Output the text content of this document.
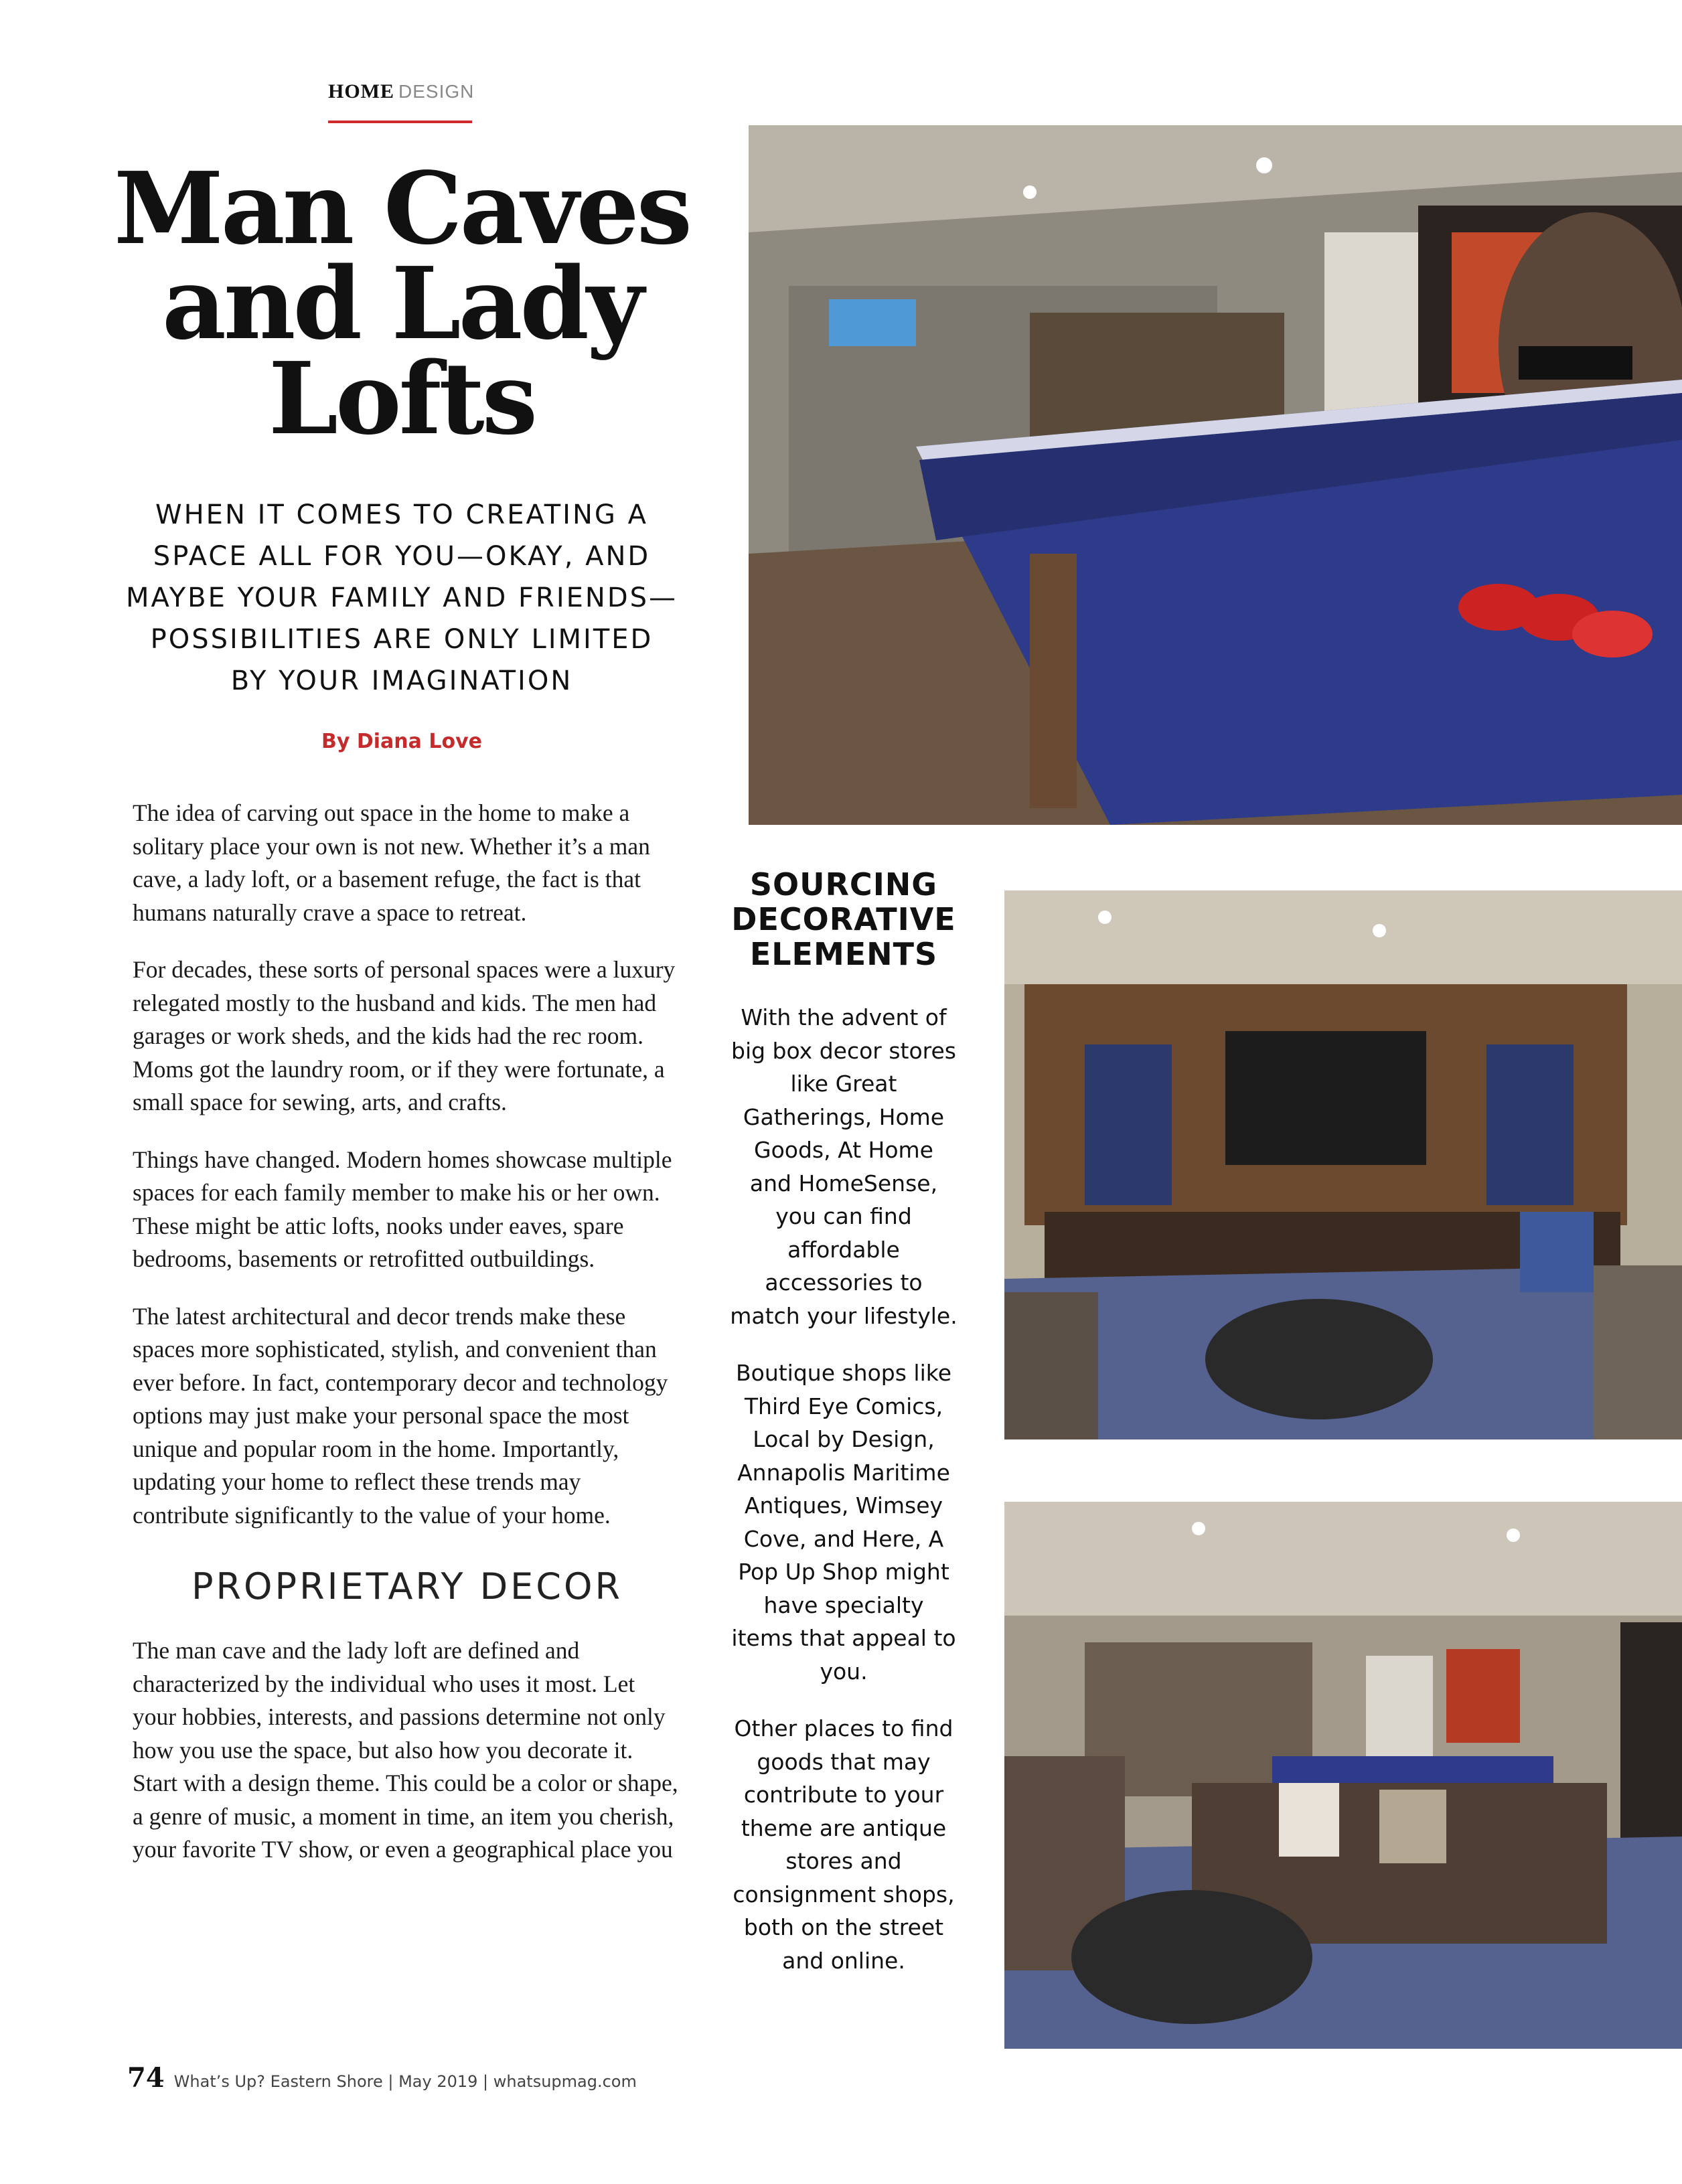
HOME DESIGN
Man Caves
and Lady
Lofts
WHEN IT COMES TO CREATING A
SPACE ALL FOR YOU—OKAY, AND
MAYBE YOUR FAMILY AND FRIENDS—
POSSIBILITIES ARE ONLY LIMITED
BY YOUR IMAGINATION
By Diana Love

The idea of carving out space in the home to make a solitary place your own is not new. Whether it’s a man cave, a lady loft, or a basement refuge, the fact is that humans naturally crave a space to retreat.

For decades, these sorts of personal spaces were a luxury relegated mostly to the husband and kids. The men had garages or work sheds, and the kids had the rec room. Moms got the laundry room, or if they were fortunate, a small space for sewing, arts, and crafts.

Things have changed. Modern homes showcase multiple spaces for each family member to make his or her own. These might be attic lofts, nooks under eaves, spare bedrooms, basements or retrofitted outbuildings.

The latest architectural and decor trends make these spaces more sophisticated, stylish, and convenient than ever before. In fact, contemporary decor and technology options may just make your personal space the most unique and popular room in the home. Importantly, updating your home to reflect these trends may contribute significantly to the value of your home.

PROPRIETARY DECOR

The man cave and the lady loft are defined and characterized by the individual who uses it most. Let your hobbies, interests, and passions determine not only how you use the space, but also how you decorate it. Start with a design theme. This could be a color or shape, a genre of music, a moment in time, an item you cherish, your favorite TV show, or even a geographical place you

SOURCING
DECORATIVE
ELEMENTS

With the advent of big box decor stores like Great Gatherings, Home Goods, At Home and HomeSense, you can find affordable accessories to match your lifestyle.

Boutique shops like Third Eye Comics, Local by Design, Annapolis Maritime Antiques, Wimsey Cove, and Here, A Pop Up Shop might have specialty items that appeal to you.

Other places to find goods that may contribute to your theme are antique stores and consignment shops, both on the street and online.

74 What’s Up? Eastern Shore | May 2019 | whatsupmag.com
